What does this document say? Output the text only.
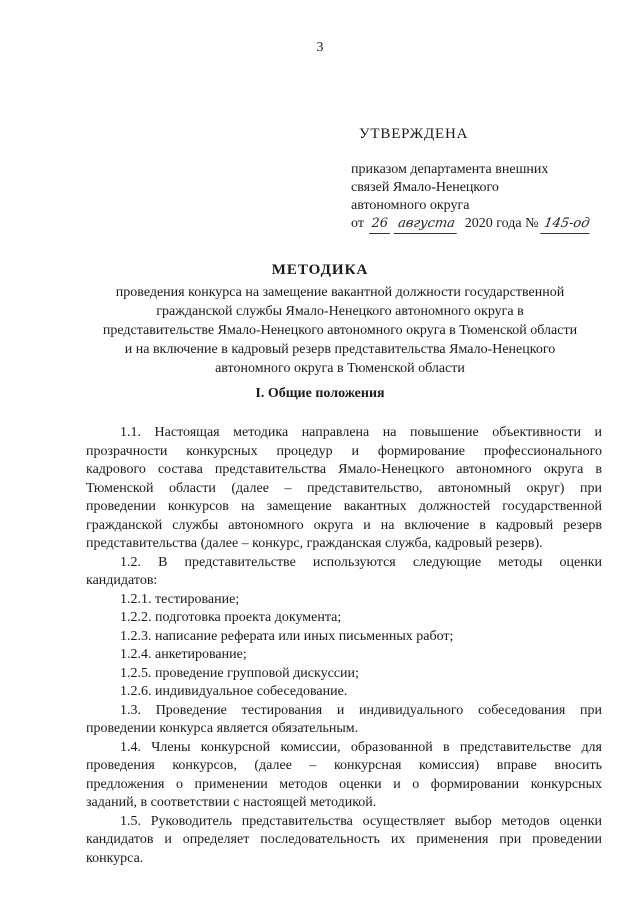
3
УТВЕРЖДЕНА
приказом департамента внешних
связей Ямало-Ненецкого
автономного округа
от 26 августа 2020 года № 145-од
МЕТОДИКА
проведения конкурса на замещение вакантной должности государственной
гражданской службы Ямало-Ненецкого автономного округа в
представительстве Ямало-Ненецкого автономного округа в Тюменской области
и на включение в кадровый резерв представительства Ямало-Ненецкого
автономного округа в Тюменской области
I. Общие положения
1.1. Настоящая методика направлена на повышение объективности и
прозрачности конкурсных процедур и формирование профессионального
кадрового состава представительства Ямало-Ненецкого автономного округа в
Тюменской области (далее – представительство, автономный округ) при
проведении конкурсов на замещение вакантных должностей государственной
гражданской службы автономного округа и на включение в кадровый резерв
представительства (далее – конкурс, гражданская служба, кадровый резерв).
1.2. В представительстве используются следующие методы оценки
кандидатов:
1.2.1. тестирование;
1.2.2. подготовка проекта документа;
1.2.3. написание реферата или иных письменных работ;
1.2.4. анкетирование;
1.2.5. проведение групповой дискуссии;
1.2.6. индивидуальное собеседование.
1.3. Проведение тестирования и индивидуального собеседования при
проведении конкурса является обязательным.
1.4. Члены конкурсной комиссии, образованной в представительстве для
проведения конкурсов, (далее – конкурсная комиссия) вправе вносить
предложения о применении методов оценки и о формировании конкурсных
заданий, в соответствии с настоящей методикой.
1.5. Руководитель представительства осуществляет выбор методов оценки
кандидатов и определяет последовательность их применения при проведении
конкурса.
